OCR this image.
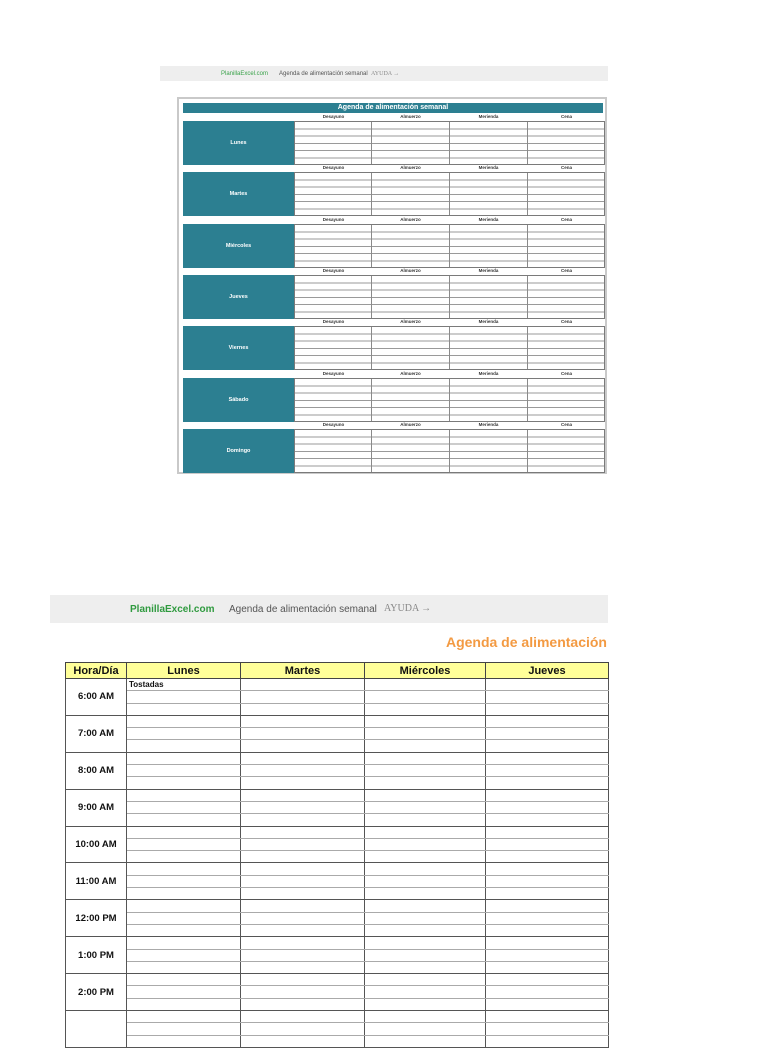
PlanillaExcel.com Agenda de alimentación semanal AYUDA →
Agenda de alimentación semanal
Desayuno	Almuerzo	Merienda	Cena
Lunes
Desayuno	Almuerzo	Merienda	Cena
Martes
Desayuno	Almuerzo	Merienda	Cena
Miércoles
Desayuno	Almuerzo	Merienda	Cena
Jueves
Desayuno	Almuerzo	Merienda	Cena
Viernes
Desayuno	Almuerzo	Merienda	Cena
Sábado
Desayuno	Almuerzo	Merienda	Cena
Domingo
PlanillaExcel.com Agenda de alimentación semanal AYUDA →
Agenda de alimentación
Hora/Día	Lunes	Martes	Miércoles	Jueves
6:00 AM	Tostadas			

7:00 AM				

8:00 AM				

9:00 AM				

10:00 AM				

11:00 AM				

12:00 PM				

1:00 PM				

2:00 PM				
